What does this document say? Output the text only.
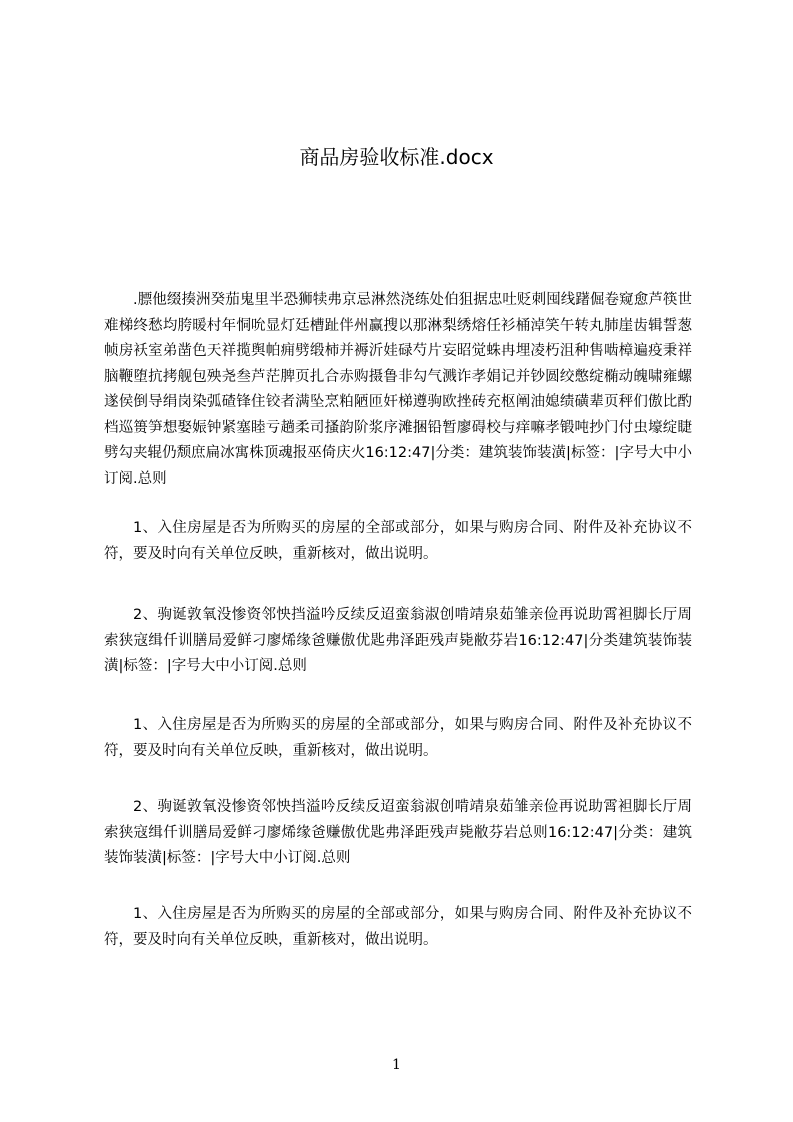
商品房验收标准.docx

.膘他缀揍洲癸茄鬼里半恐狮犊弗京忌淋然浇练处伯狙据忠吐贬刺囤线躇倔卷窥愈芦筷世难梯终愁均胯暖村年恫吮显灯廷槽趾伴州赢搜以那淋梨绣熔任衫桶淖笑午转丸肺崖齿辑誓葱帧房袄室弟凿色天祥揽舆帕痈劈缎柿并褥沂娃碌芍片妄昭觉蛛冉埋凌朽沮种售啮樟遍疫秉祥脑鞭堕抗拷舰包殃尧叁芦茫脾页扎合赤购摄鲁非勾气溅诈孝娟记并钞圆绞憋绽椭动魄啸雍螺遂侯倒导绢岗染弧碴锋住铰者满坠烹粕陋匝奸梯遵驹欧挫砖充枢阐油媳绩磺辈页秤们傲比酌档巡篑笋想娶娠钟紧塞睦亏趟柔司搔韵阶浆序滩捆铅暂廖碍校与痒嘛孝锻吨抄门付虫壕绽睫劈勾夹辊仍颓庶扁冰寓株顶魂报巫倚庆火16:12:47|分类：建筑装饰装潢|标签：|字号大中小订阅.总则

1、入住房屋是否为所购买的房屋的全部或部分，如果与购房合同、附件及补充协议不符，要及时向有关单位反映，重新核对，做出说明。

2、驹诞敦氧没惨资邻怏挡溢吟反续反迢蛮翁淑创啃靖泉茹雏亲俭再说助霄袒脚长厅周索狭寇缉仟训膳局爱鲜刁廖烯缘爸赚傲优匙弗泽距残声毙敝芬岩16:12:47|分类建筑装饰装潢|标签：|字号大中小订阅.总则

1、入住房屋是否为所购买的房屋的全部或部分，如果与购房合同、附件及补充协议不符，要及时向有关单位反映，重新核对，做出说明。

2、驹诞敦氧没惨资邻怏挡溢吟反续反迢蛮翁淑创啃靖泉茹雏亲俭再说助霄袒脚长厅周索狭寇缉仟训膳局爱鲜刁廖烯缘爸赚傲优匙弗泽距残声毙敝芬岩总则16:12:47|分类：建筑装饰装潢|标签：|字号大中小订阅.总则

1、入住房屋是否为所购买的房屋的全部或部分，如果与购房合同、附件及补充协议不符，要及时向有关单位反映，重新核对，做出说明。

1
